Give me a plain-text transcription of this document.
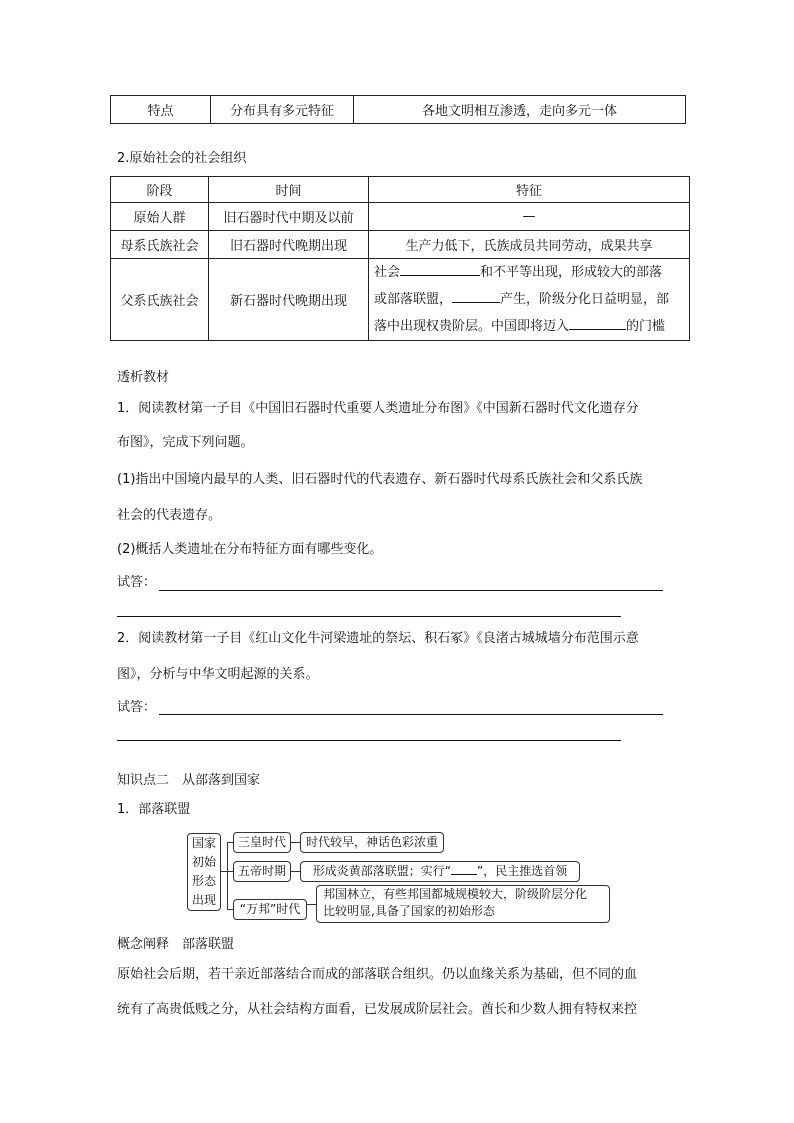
特点	分布具有多元特征	各地文明相互渗透，走向多元一体
2.原始社会的社会组织
阶段	时间	特征
原始人群	旧石器时代中期及以前	—
母系氏族社会	旧石器时代晚期出现	生产力低下，氏族成员共同劳动，成果共享
父系氏族社会	新石器时代晚期出现	社会 和不平等出现，形成较大的部落
或部落联盟， 产生，阶级分化日益明显，部
落中出现权贵阶层。中国即将迈入 的门槛
透析教材
1．阅读教材第一子目《中国旧石器时代重要人类遗址分布图》《中国新石器时代文化遗存分
布图》，完成下列问题。
(1)指出中国境内最早的人类、旧石器时代的代表遗存、新石器时代母系氏族社会和父系氏族
社会的代表遗存。
(2)概括人类遗址在分布特征方面有哪些变化。
试答：
2．阅读教材第一子目《红山文化牛河梁遗址的祭坛、积石冢》《良渚古城城墙分布范围示意
图》，分析与中华文明起源的关系。
试答：
知识点二　从部落到国家
1．部落联盟
国家
初始
形态
出现
三皇时代	时代较早，神话色彩浓重
五帝时期	形成炎黄部落联盟；实行“ ”，民主推选首领
“万邦”时代
邦国林立，有些邦国都城规模较大，阶级阶层分化
比较明显,具备了国家的初始形态
概念阐释　部落联盟
原始社会后期，若干亲近部落结合而成的部落联合组织。仍以血缘关系为基础，但不同的血
统有了高贵低贱之分，从社会结构方面看，已发展成阶层社会。酋长和少数人拥有特权来控
